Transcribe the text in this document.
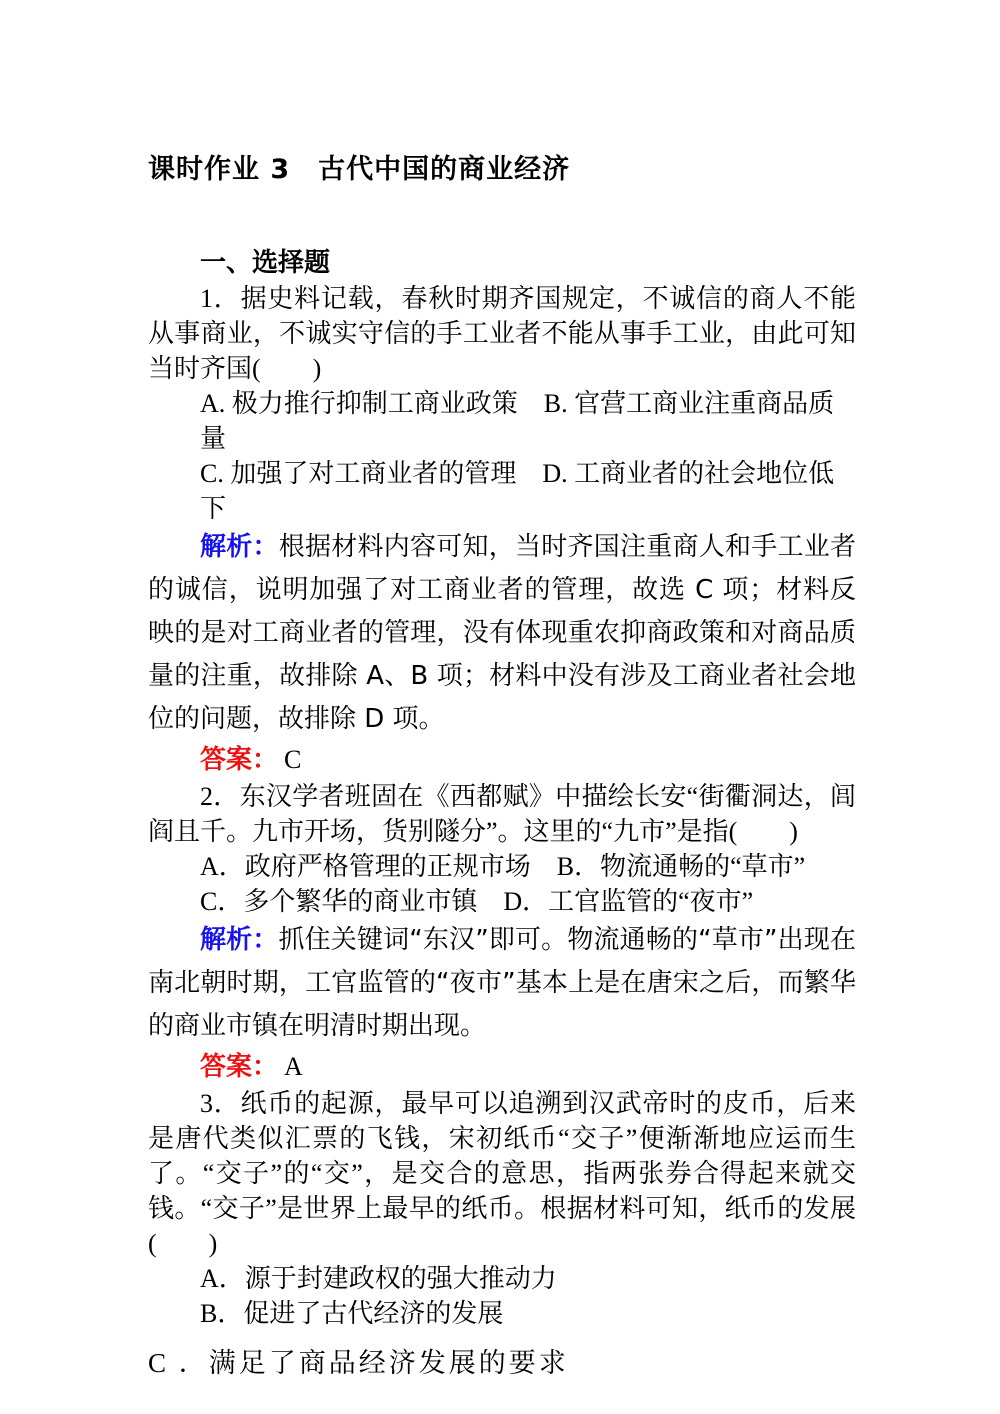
课时作业 3　古代中国的商业经济
一、选择题
1．据史料记载，春秋时期齐国规定，不诚信的商人不能从事商业，不诚实守信的手工业者不能从事手工业，由此可知当时齐国(　　)
A. 极力推行抑制工商业政策　B. 官营工商业注重商品质量
C. 加强了对工商业者的管理　D. 工商业者的社会地位低下
解析：根据材料内容可知，当时齐国注重商人和手工业者的诚信，说明加强了对工商业者的管理，故选 C 项；材料反映的是对工商业者的管理，没有体现重农抑商政策和对商品质量的注重，故排除 A、B 项；材料中没有涉及工商业者社会地位的问题，故排除 D 项。
答案： C
2．东汉学者班固在《西都赋》中描绘长安“街衢洞达，闾阎且千。九市开场，货别隧分”。这里的“九市”是指(　　)
A．政府严格管理的正规市场　B．物流通畅的“草市”
C．多个繁华的商业市镇　D．工官监管的“夜市”
解析：抓住关键词“东汉”即可。物流通畅的“草市”出现在南北朝时期，工官监管的“夜市”基本上是在唐宋之后，而繁华的商业市镇在明清时期出现。
答案： A
3．纸币的起源，最早可以追溯到汉武帝时的皮币，后来是唐代类似汇票的飞钱，宋初纸币“交子”便渐渐地应运而生了。“交子”的“交”，是交合的意思，指两张券合得起来就交钱。“交子”是世界上最早的纸币。根据材料可知，纸币的发展(　　)
A．源于封建政权的强大推动力
B．促进了古代经济的发展
C ．满足了商品经济发展的要求
